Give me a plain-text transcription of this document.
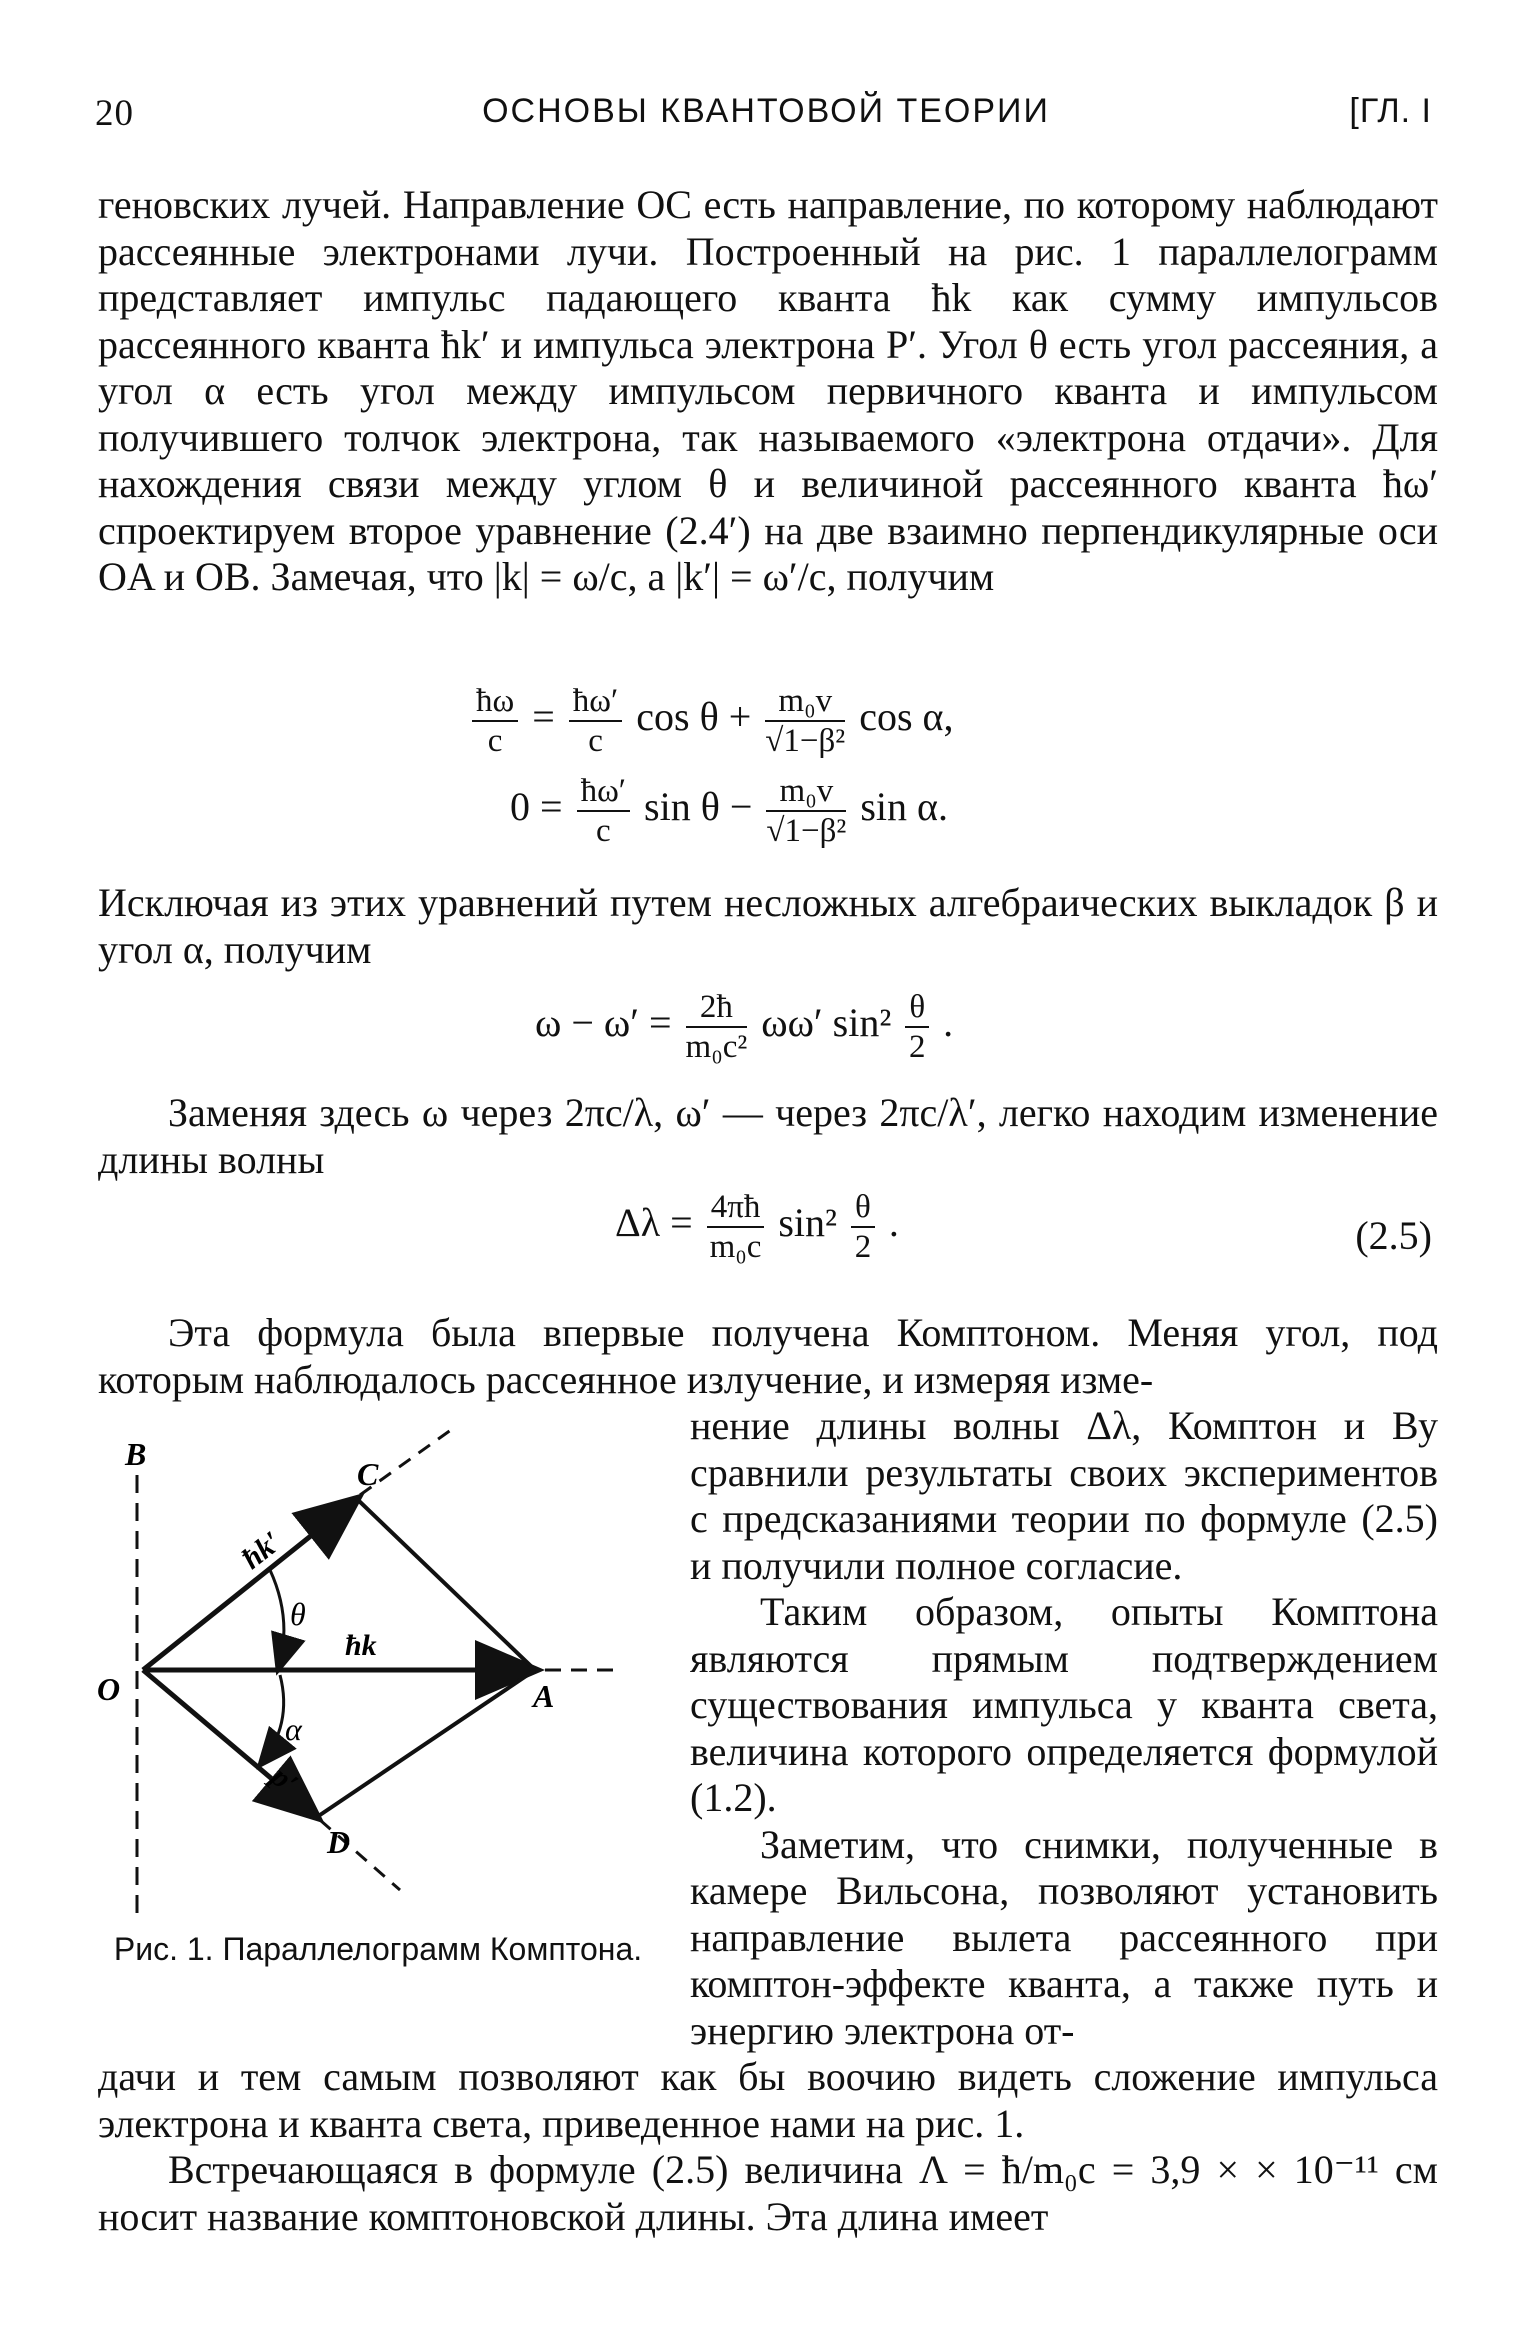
20	ОСНОВЫ КВАНТОВОЙ ТЕОРИИ	[ГЛ. I

геновских лучей. Направление OC есть направление, по которому наблюдают рассеянные электронами лучи. Построенный на рис. 1 параллелограмм представляет импульс падающего кванта ħk как сумму импульсов рассеянного кванта ħk′ и импульса электрона P′. Угол θ есть угол рассеяния, а угол α есть угол между импульсом первичного кванта и импульсом получившего толчок электрона, так называемого «электрона отдачи». Для нахождения связи между углом θ и величиной рассеянного кванта ħω′ спроектируем второе уравнение (2.4′) на две взаимно перпендикулярные оси OA и OB. Замечая, что |k| = ω/c, а |k′| = ω′/c, получим

$\frac{ħ\omega}{c} = \frac{ħ\omega'}{c}$ $\cos \theta + \frac{\text{m₀v}}{\text{√1−β²}}$ cos α,
$0 = \frac{ħ\omega'}{c}$ $\sin \theta - \frac{\text{m₀v}}{\text{√1−β²}}$ sin α.

Исключая из этих уравнений путем несложных алгебраических выкладок β и угол α, получим

$\omega - \omega' = \frac{2ħ}{\text{m₀c²}} \omega\omega'$ $\sin^2 \frac{\theta}{2}$ .

Заменяя здесь ω через 2πc/λ, ω′ — через 2πc/λ′, легко находим изменение длины волны

$\Delta\lambda = \frac{4\pi ħ}{\text{m₀c}} \sin^2 \frac{\theta}{2}$ .	(2.5)

Эта формула была впервые получена Комптоном. Меняя угол, под которым наблюдалось рассеянное излучение, и измеряя изме-

нение длины волны Δλ, Комптон и Ву сравнили результаты своих экспериментов с предсказаниями теории по формуле (2.5) и получили полное согласие.

Таким образом, опыты Комптона являются прямым подтверждением существования импульса у кванта света, величина которого определяется формулой (1.2).

Заметим, что снимки, полученные в камере Вильсона, позволяют установить направление вылета рассеянного при комптон-эффекте кванта, а также путь и энергию электрона от-

B
C
O	A
D
ħk′
ħk
p′
θ
α
Рис. 1. Параллелограмм Комптона.

дачи и тем самым позволяют как бы воочию видеть сложение импульса электрона и кванта света, приведенное нами на рис. 1.

Встречающаяся в формуле (2.5) величина Λ = ħ/m₀c = 3,9 × × 10⁻¹¹ см носит название комптоновской длины. Эта длина имеет
